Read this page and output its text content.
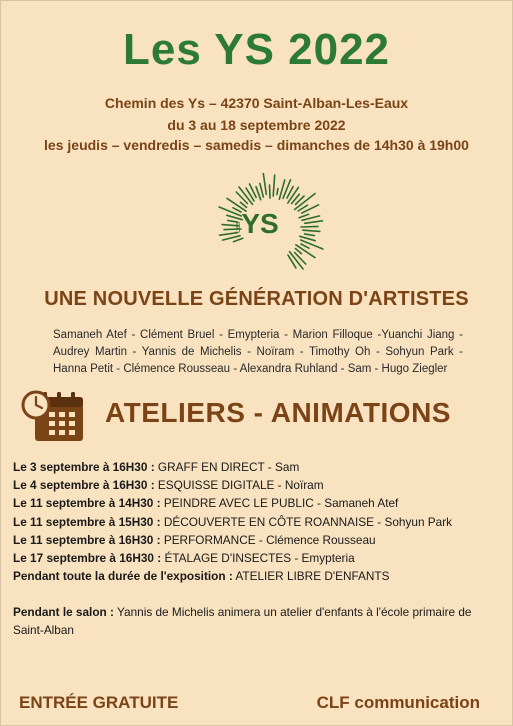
Les YS 2022
Chemin des Ys – 42370 Saint-Alban-Les-Eaux
du 3 au 18 septembre 2022
les jeudis – vendredis – samedis – dimanches de 14h30 à 19h00
YS
Les
UNE NOUVELLE GÉNÉRATION D'ARTISTES
Samaneh Atef - Clément Bruel - Emypteria - Marion Filloque -Yuanchi Jiang - Audrey Martin - Yannis de Michelis - Noïram - Timothy Oh - Sohyun Park - Hanna Petit - Clémence Rousseau - Alexandra Ruhland - Sam - Hugo Ziegler
ATELIERS - ANIMATIONS
Le 3 septembre à 16H30 : GRAFF EN DIRECT - Sam
Le 4 septembre à 16H30 : ESQUISSE DIGITALE - Noïram
Le 11 septembre à 14H30 : PEINDRE AVEC LE PUBLIC - Samaneh Atef
Le 11 septembre à 15H30 : DÉCOUVERTE EN CÔTE ROANNAISE - Sohyun Park
Le 11 septembre à 16H30 : PERFORMANCE - Clémence Rousseau
Le 17 septembre à 16H30 : ÉTALAGE D'INSECTES - Emypteria
Pendant toute la durée de l'exposition : ATELIER LIBRE D'ENFANTS
Pendant le salon : Yannis de Michelis animera un atelier d'enfants à l'école primaire de Saint-Alban
ENTRÉE GRATUITE	CLF communication
